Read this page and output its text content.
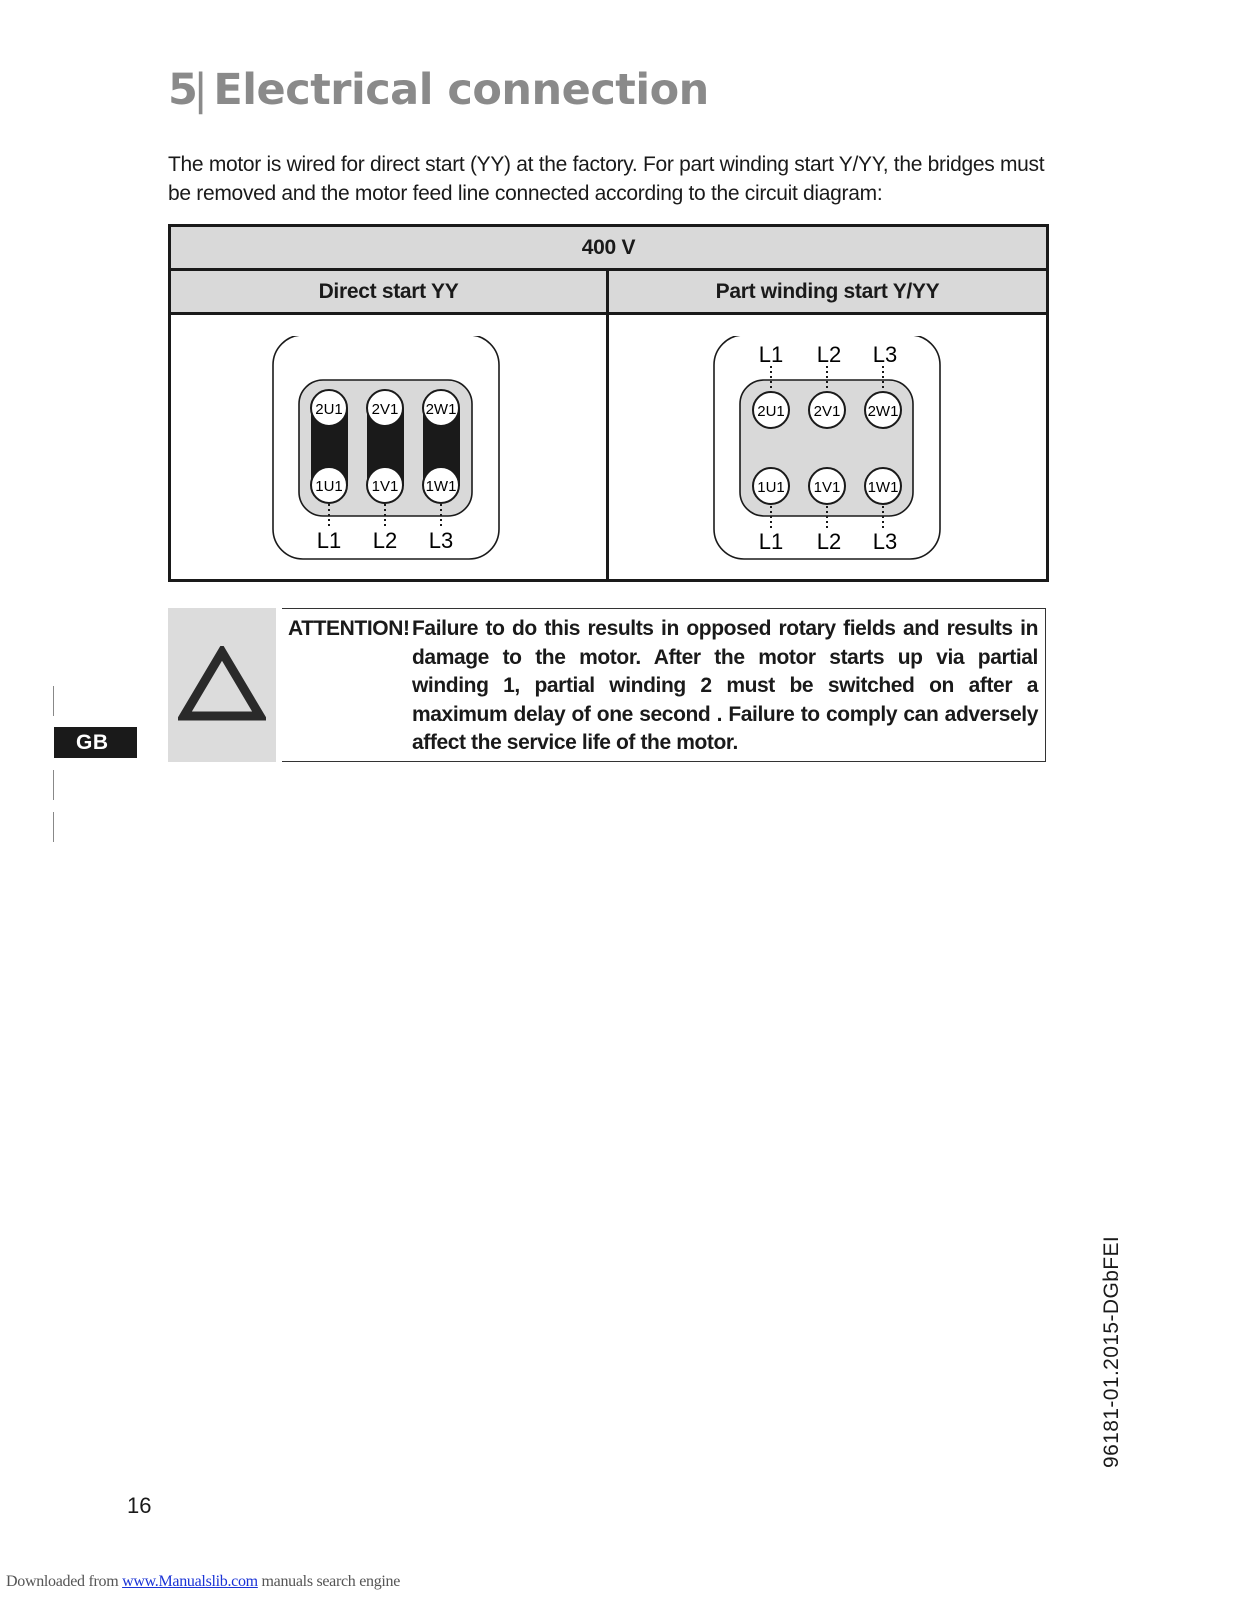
5| Electrical connection

The motor is wired for direct start (YY) at the factory. For part winding start Y/YY, the bridges must be removed and the motor feed line connected according to the circuit diagram:

400 V
Direct start YY	Part winding start Y/YY
2U1 2V1 2W1
1U1 1V1 1W1
L1 L2 L3
L1 L2 L3
2U1 2V1 2W1
1U1 1V1 1W1
L1 L2 L3
ATTENTION! Failure to do this results in opposed rotary fields and results in damage to the motor. After the motor starts up via partial winding 1, partial winding 2 must be switched on after a maximum delay of one second . Failure to comply can adversely affect the service life of the motor.

GB
96181-01.2015-DGbFEI
16
Downloaded from www.Manualslib.com manuals search engine
